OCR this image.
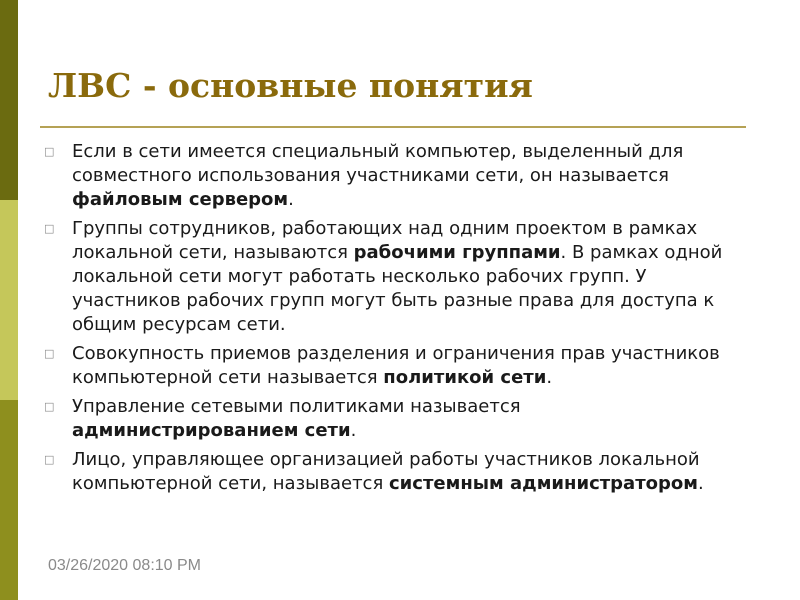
ЛВС - основные понятия
□ Если в сети имеется специальный компьютер, выделенный для совместного использования участниками сети, он называется файловым сервером.
□ Группы сотрудников, работающих над одним проектом в рамках локальной сети, называются рабочими группами. В рамках одной локальной сети могут работать несколько рабочих групп. У участников рабочих групп могут быть разные права для доступа к общим ресурсам сети.
□ Совокупность приемов разделения и ограничения прав участников компьютерной сети называется политикой сети.
□ Управление сетевыми политиками называется администрированием сети.
□ Лицо, управляющее организацией работы участников локальной компьютерной сети, называется системным администратором.
03/26/2020 08:10 PM
